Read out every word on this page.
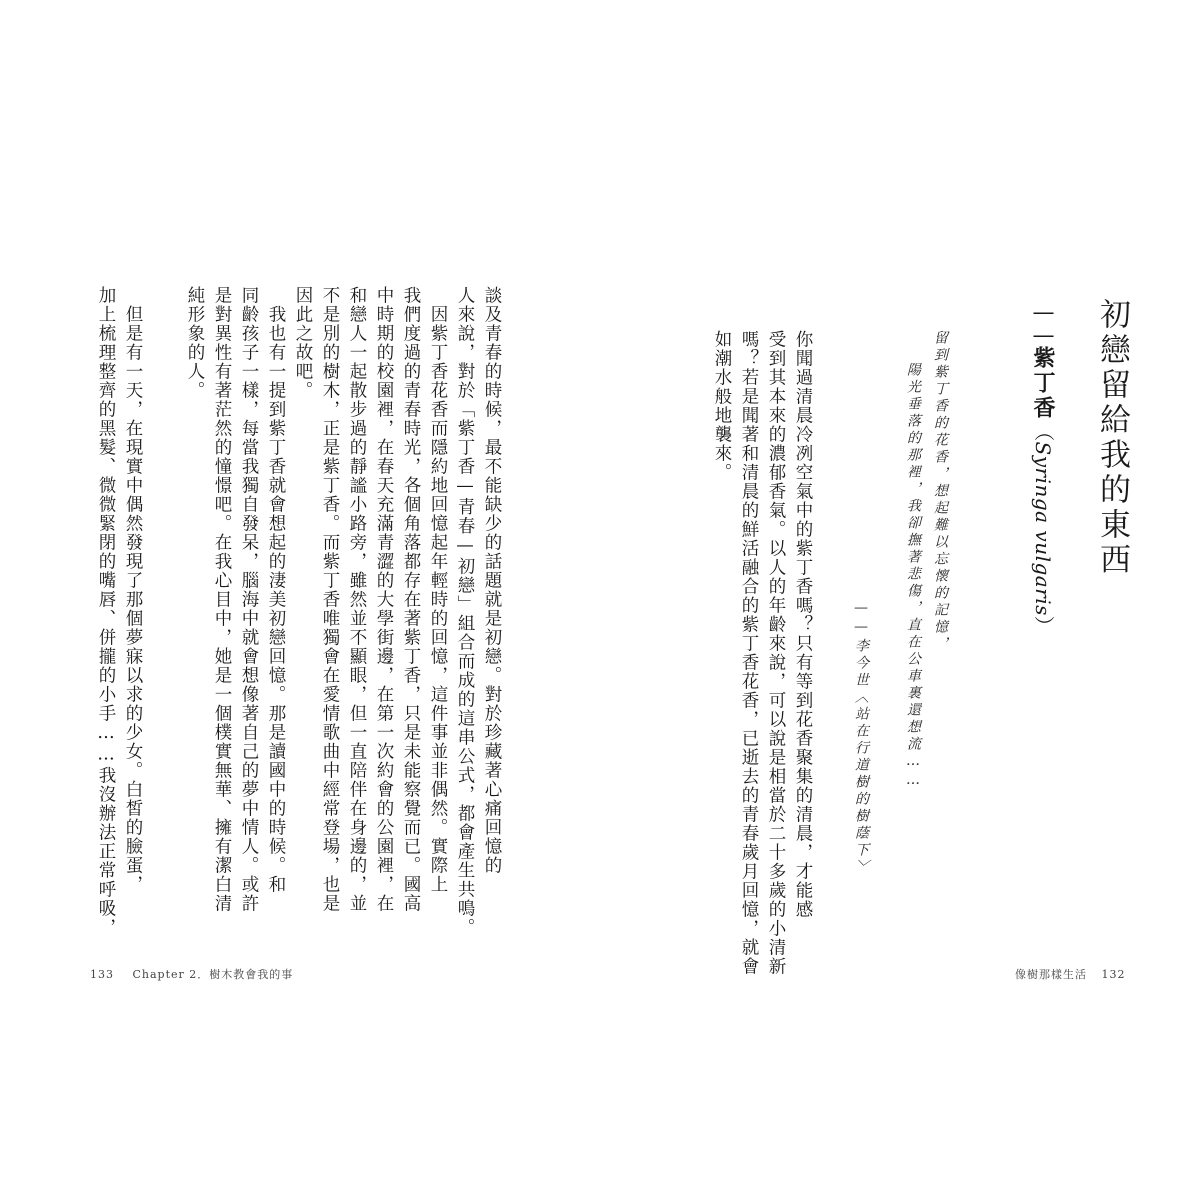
初戀留給我的東西
——紫丁香（Syringa vulgaris）
留到紫丁香的花香，想起難以忘懷的記憶，
陽光垂落的那裡，我卻撫著悲傷，直在公車裏還想流……
——李今世〈站在行道樹的樹蔭下〉
你聞過清晨冷冽空氣中的紫丁香嗎？只有等到花香聚集的清晨，才能感
受到其本來的濃郁香氣。以人的年齡來說，可以說是相當於二十多歲的小清新
嗎？若是聞著和清晨的鮮活融合的紫丁香花香，已逝去的青春歲月回憶，就會
如潮水般地襲來。
像樹那樣生活 132
談及青春的時候，最不能缺少的話題就是初戀。對於珍藏著心痛回憶的
人來說，對於「紫丁香—青春—初戀」組合而成的這串公式，都會產生共鳴。
　因紫丁香花香而隱約地回憶起年輕時的回憶，這件事並非偶然。實際上
我們度過的青春時光，各個角落都存在著紫丁香，只是未能察覺而已。國高
中時期的校園裡，在春天充滿青澀的大學街邊，在第一次約會的公園裡，在
和戀人一起散步過的靜謐小路旁，雖然並不顯眼，但一直陪伴在身邊的，並
不是別的樹木，正是紫丁香。而紫丁香唯獨會在愛情歌曲中經常登場，也是
因此之故吧。
　我也有一提到紫丁香就會想起的淒美初戀回憶。那是讀國中的時候。和
同齡孩子一樣，每當我獨自發呆，腦海中就會想像著自己的夢中情人。或許
是對異性有著茫然的憧憬吧。在我心目中，她是一個樸實無華、擁有潔白清
純形象的人。
　但是有一天，在現實中偶然發現了那個夢寐以求的少女。白皙的臉蛋，
加上梳理整齊的黑髮、微微緊閉的嘴唇、併攏的小手……我沒辦法正常呼吸，
133 Chapter 2．樹木教會我的事
